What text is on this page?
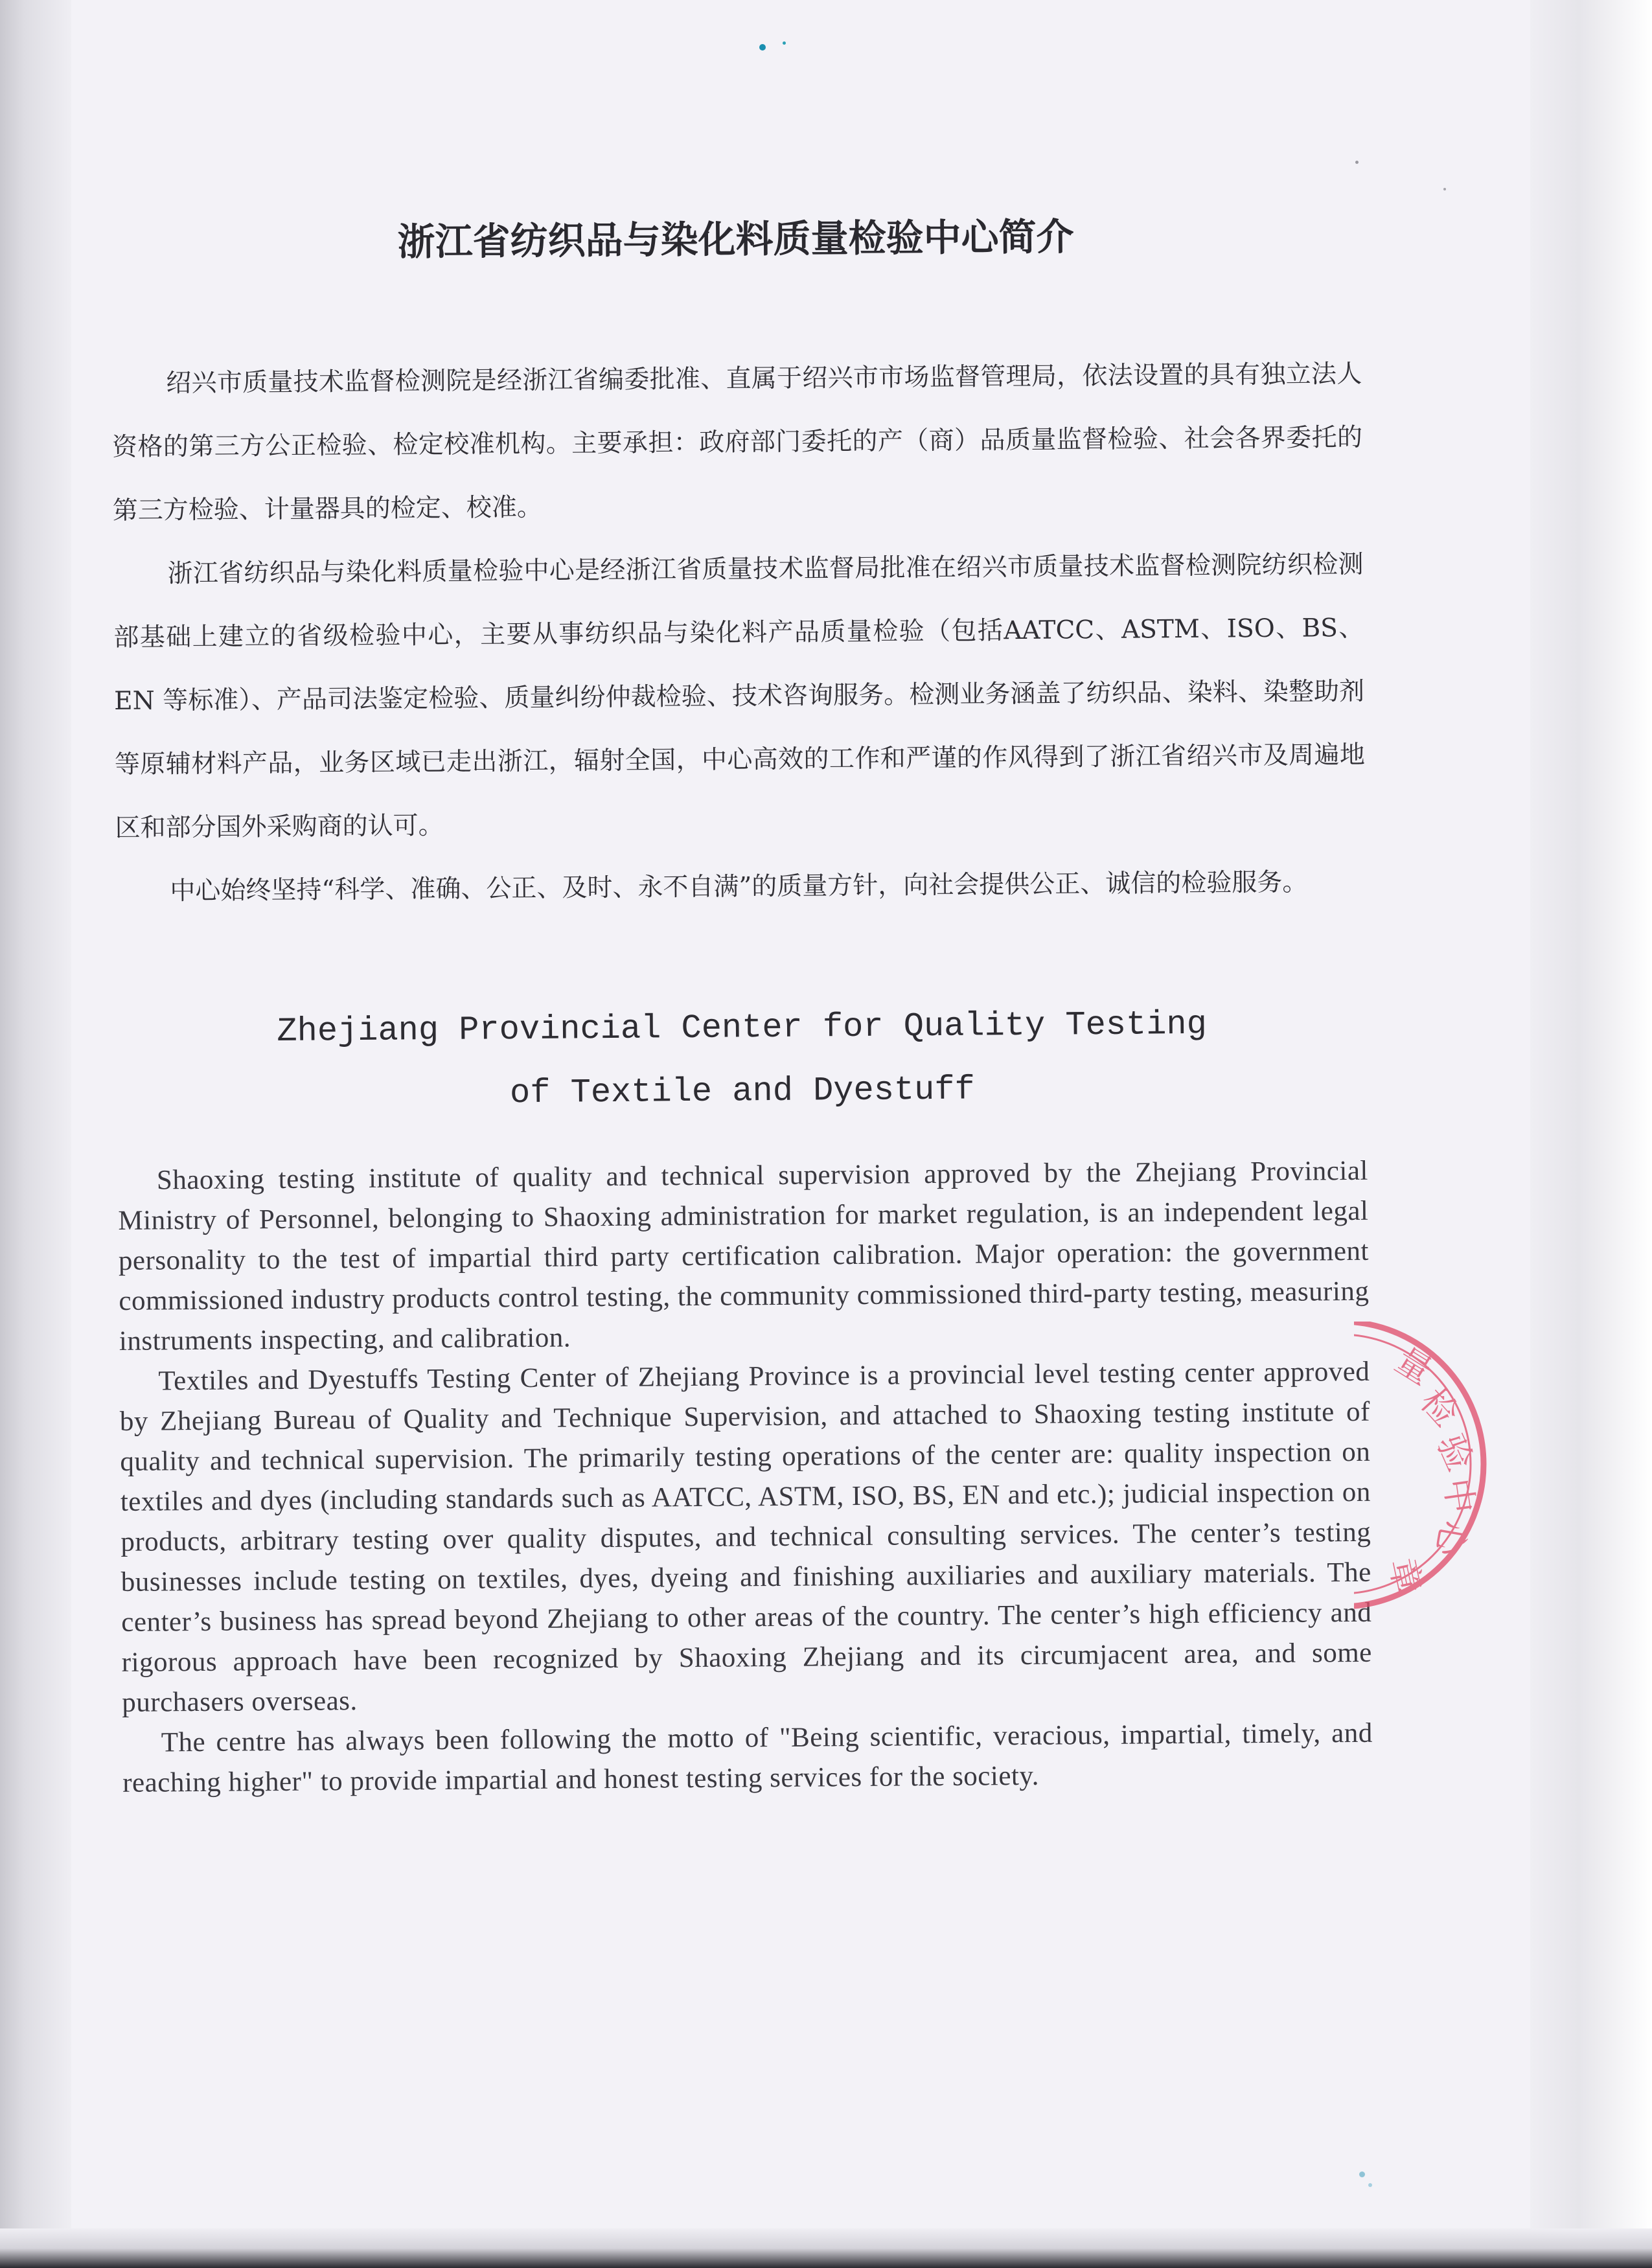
浙江省纺织品与染化料质量检验中心简介

绍兴市质量技术监督检测院是经浙江省编委批准、直属于绍兴市市场监督管理局，依法设置的具有独立法人资格的第三方公正检验、检定校准机构。主要承担：政府部门委托的产（商）品质量监督检验、社会各界委托的第三方检验、计量器具的检定、校准。

浙江省纺织品与染化料质量检验中心是经浙江省质量技术监督局批准在绍兴市质量技术监督检测院纺织检测部基础上建立的省级检验中心，主要从事纺织品与染化料产品质量检验（包括AATCC、ASTM、ISO、BS、EN 等标准）、产品司法鉴定检验、质量纠纷仲裁检验、技术咨询服务。检测业务涵盖了纺织品、染料、染整助剂等原辅材料产品，业务区域已走出浙江，辐射全国，中心高效的工作和严谨的作风得到了浙江省绍兴市及周遍地区和部分国外采购商的认可。

中心始终坚持“科学、准确、公正、及时、永不自满”的质量方针，向社会提供公正、诚信的检验服务。

Zhejiang Provincial Center for Quality Testing
of Textile and Dyestuff

Shaoxing testing institute of quality and technical supervision approved by the Zhejiang Provincial Ministry of Personnel, belonging to Shaoxing administration for market regulation, is an independent legal personality to the test of impartial third party certification calibration. Major operation: the government commissioned industry products control testing, the community commissioned third-party testing, measuring instruments inspecting, and calibration.

Textiles and Dyestuffs Testing Center of Zhejiang Province is a provincial level testing center approved by Zhejiang Bureau of Quality and Technique Supervision, and attached to Shaoxing testing institute of quality and technical supervision. The primarily testing operations of the center are: quality inspection on textiles and dyes (including standards such as AATCC, ASTM, ISO, BS, EN and etc.); judicial inspection on products, arbitrary testing over quality disputes, and technical consulting services. The center’s testing businesses include testing on textiles, dyes, dyeing and finishing auxiliaries and auxiliary materials. The center’s business has spread beyond Zhejiang to other areas of the country. The center’s high efficiency and rigorous approach have been recognized by Shaoxing Zhejiang and its circumjacent area, and some purchasers overseas.

The centre has always been following the motto of "Being scientific, veracious, impartial, timely, and reaching higher" to provide impartial and honest testing services for the society.

量
检
验
中
心
章
